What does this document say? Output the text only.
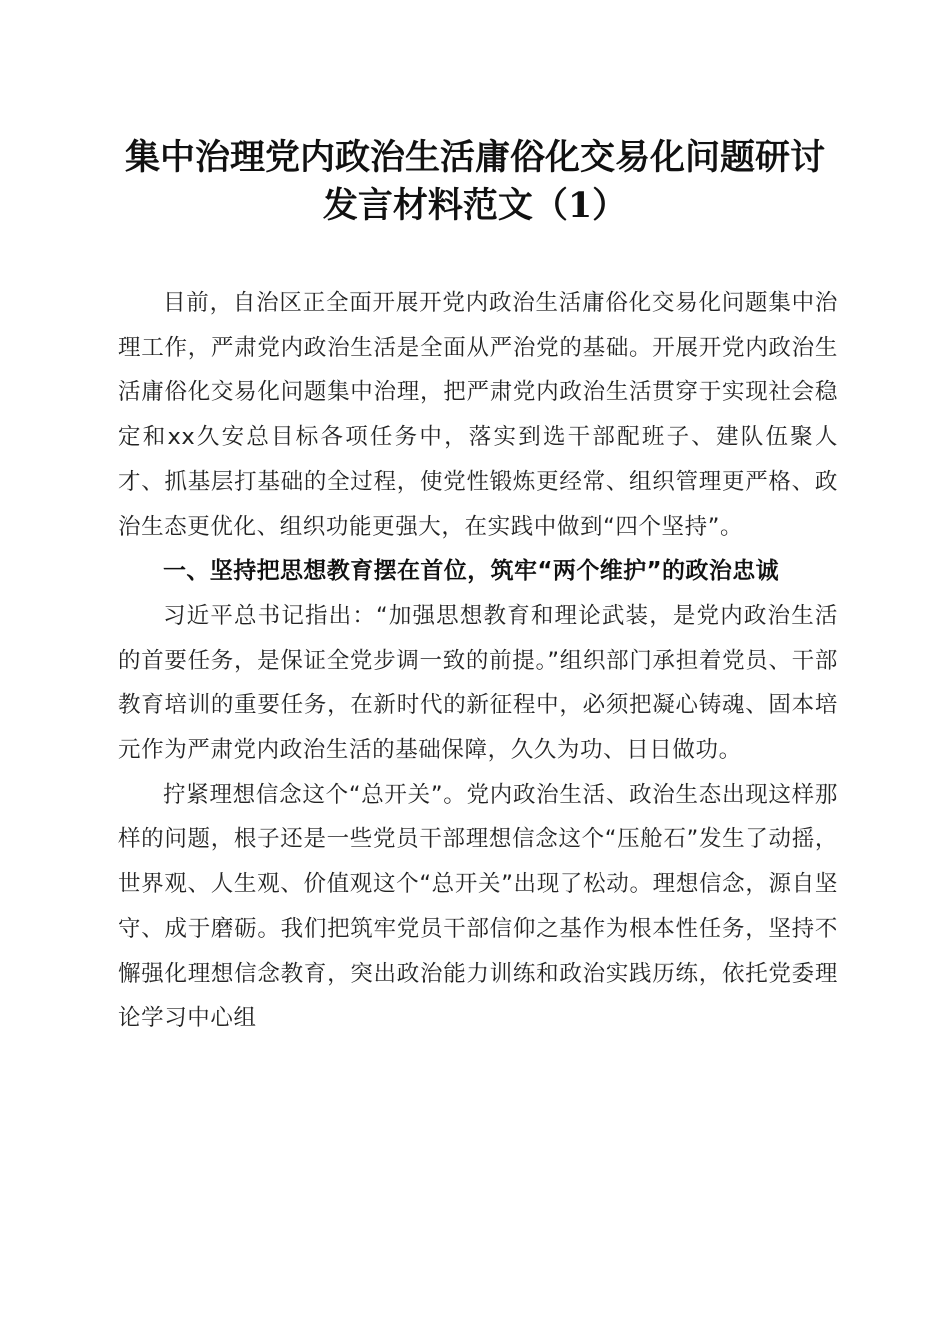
集中治理党内政治生活庸俗化交易化问题研讨
发言材料范文（1）

目前，自治区正全面开展开党内政治生活庸俗化交易化问题集中治理工作，严肃党内政治生活是全面从严治党的基础。开展开党内政治生活庸俗化交易化问题集中治理，把严肃党内政治生活贯穿于实现社会稳定和xx久安总目标各项任务中，落实到选干部配班子、建队伍聚人才、抓基层打基础的全过程，使党性锻炼更经常、组织管理更严格、政治生态更优化、组织功能更强大，在实践中做到“四个坚持”。

一、坚持把思想教育摆在首位，筑牢“两个维护”的政治忠诚

习近平总书记指出：“加强思想教育和理论武装，是党内政治生活的首要任务，是保证全党步调一致的前提。”组织部门承担着党员、干部教育培训的重要任务，在新时代的新征程中，必须把凝心铸魂、固本培元作为严肃党内政治生活的基础保障，久久为功、日日做功。

拧紧理想信念这个“总开关”。党内政治生活、政治生态出现这样那样的问题，根子还是一些党员干部理想信念这个“压舱石”发生了动摇，世界观、人生观、价值观这个“总开关”出现了松动。理想信念，源自坚守、成于磨砺。我们把筑牢党员干部信仰之基作为根本性任务，坚持不懈强化理想信念教育，突出政治能力训练和政治实践历练，依托党委理论学习中心组
